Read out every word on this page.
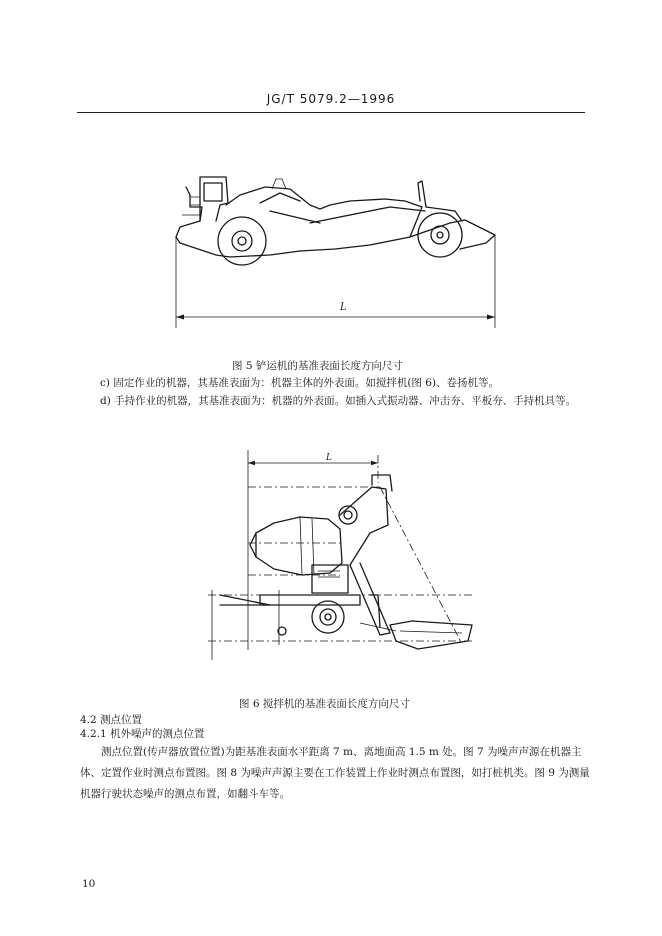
JG/T 5079.2—1996
L
图 5 铲运机的基准表面长度方向尺寸
c) 固定作业的机器，其基准表面为：机器主体的外表面。如搅拌机(图 6)、卷扬机等。
d) 手持作业的机器，其基准表面为：机器的外表面。如插入式振动器、冲击夯、平板夯、手持机具等。
L
图 6 搅拌机的基准表面长度方向尺寸
4.2 测点位置
4.2.1 机外噪声的测点位置
测点位置(传声器放置位置)为距基准表面水平距离 7 m、离地面高 1.5 m 处。图 7 为噪声声源在机器主体、定置作业时测点布置图。图 8 为噪声声源主要在工作装置上作业时测点布置图，如打桩机类。图 9 为测量机器行驶状态噪声的测点布置，如翻斗车等。
10
